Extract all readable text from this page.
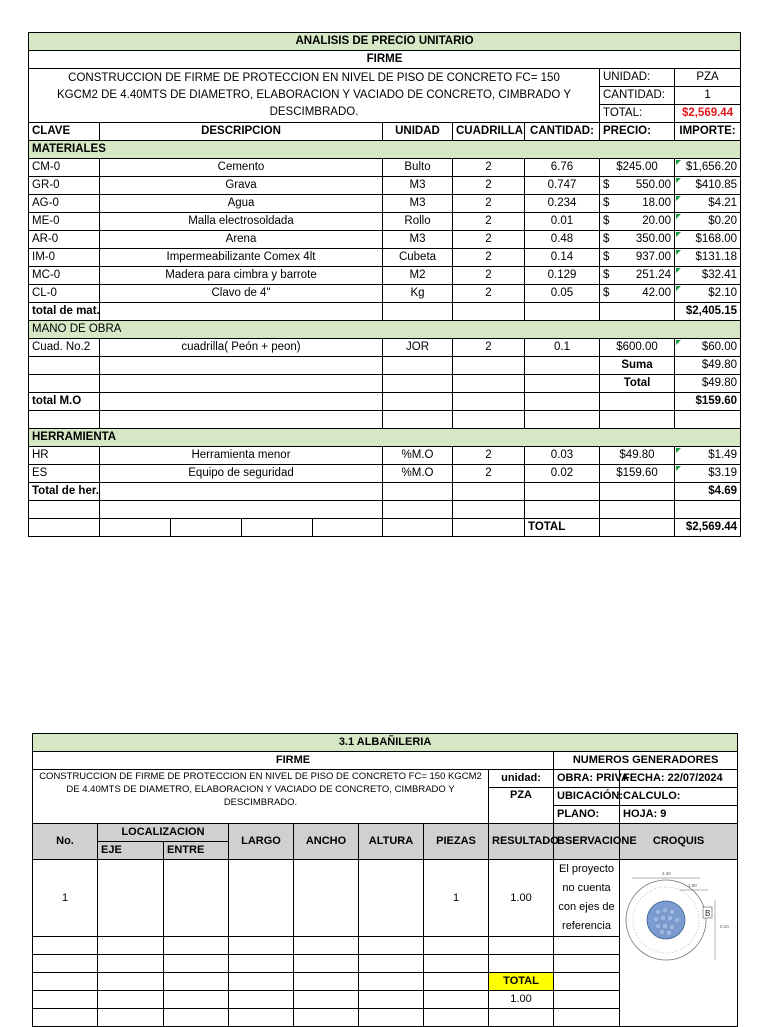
ANALISIS DE PRECIO UNITARIO									
FIRME									
CONSTRUCCION DE FIRME DE PROTECCION EN NIVEL DE PISO DE CONCRETO FC= 150 KGCM2 DE 4.40MTS DE DIAMETRO, ELABORACION Y VACIADO DE CONCRETO, CIMBRADO Y DESCIMBRADO.								UNIDAD:	PZA
								CANTIDAD:	1
								TOTAL:	$2,569.44
CLAVE	DESCRIPCION				UNIDAD	CUADRILLA	CANTIDAD:	PRECIO:	IMPORTE:
MATERIALES									
CM-0	Cemento				Bulto	2	6.76	$245.00	$1,656.20
GR-0	Grava				M3	2	0.747	$ 550.00	$410.85
AG-0	Agua				M3	2	0.234	$ 18.00	$4.21
ME-0	Malla electrosoldada				Rollo	2	0.01	$ 20.00	$0.20
AR-0	Arena				M3	2	0.48	$ 350.00	$168.00
IM-0	Impermeabilizante Comex 4lt				Cubeta	2	0.14	$ 937.00	$131.18
MC-0	Madera para cimbra y barrote				M2	2	0.129	$ 251.24	$32.41
CL-0	Clavo de 4"				Kg	2	0.05	$ 42.00	$2.10
total de mat.									$2,405.15
MANO DE OBRA									
Cuad. No.2	cuadrilla( Peón + peon)				JOR	2	0.1	$600.00	$60.00
								Suma	$49.80
								Total	$49.80
total M.O									$159.60

HERRAMIENTA									
HR	Herramienta menor				%M.O	2	0.03	$49.80	$1.49
ES	Equipo de seguridad				%M.O	2	0.02	$159.60	$3.19
Total de her.									$4.69

							TOTAL		$2,569.44
3.1 ALBAÑILERIA									
FIRME								NUMEROS GENERADORES	
CONSTRUCCION DE FIRME DE PROTECCION EN NIVEL DE PISO DE CONCRETO FC= 150 KGCM2 DE 4.40MTS DE DIAMETRO, ELABORACION Y VACIADO DE CONCRETO, CIMBRADO Y DESCIMBRADO.							unidad:	OBRA: PRIVA	FECHA: 22/07/2024
							PZA	UBICACIÓN:	CALCULO:
								PLANO:	HOJA: 9
No.	LOCALIZACION		LARGO	ANCHO	ALTURA	PIEZAS	RESULTADO	BSERVACIONE	CROQUIS
	EJE	ENTRE							
1						1	1.00	El proyecto no cuenta con ejes de referencia	2.40
1.50
B
0.20

							TOTAL		
							1.00		
